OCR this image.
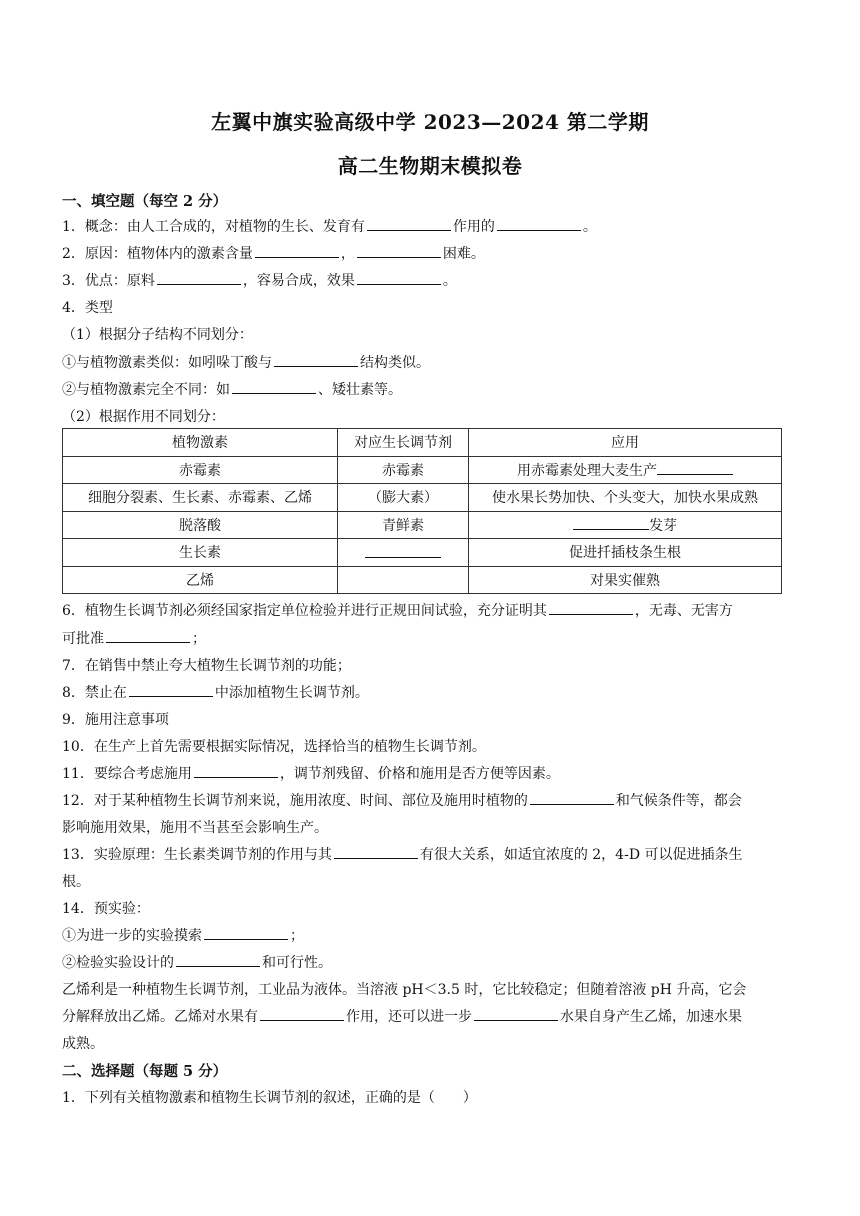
左翼中旗实验高级中学 2023—2024 第二学期
高二生物期末模拟卷
一、填空题（每空 2 分）
1．概念：由人工合成的，对植物的生长、发育有	作用的	。
2．原因：植物体内的激素含量	，	困难。
3．优点：原料	，容易合成，效果	。
4．类型
（1）根据分子结构不同划分：
①与植物激素类似：如吲哚丁酸与	结构类似。
②与植物激素完全不同：如	、矮壮素等。
（2）根据作用不同划分：
植物激素	对应生长调节剂	应用
赤霉素	赤霉素	用赤霉素处理大麦生产
细胞分裂素、生长素、赤霉素、乙烯	（膨大素）	使水果长势加快、个头变大，加快水果成熟
脱落酸	青鲜素	发芽
生长素		促进扦插枝条生根
乙烯		对果实催熟
6．植物生长调节剂必须经国家指定单位检验并进行正规田间试验，充分证明其	，无毒、无害方
可批准	；
7．在销售中禁止夸大植物生长调节剂的功能；
8．禁止在	中添加植物生长调节剂。
9．施用注意事项
10．在生产上首先需要根据实际情况，选择恰当的植物生长调节剂。
11．要综合考虑施用	，调节剂残留、价格和施用是否方便等因素。
12．对于某种植物生长调节剂来说，施用浓度、时间、部位及施用时植物的	和气候条件等，都会
影响施用效果，施用不当甚至会影响生产。
13．实验原理：生长素类调节剂的作用与其	有很大关系，如适宜浓度的 2，4-D 可以促进插条生
根。
14．预实验：
①为进一步的实验摸索	；
②检验实验设计的	和可行性。
乙烯利是一种植物生长调节剂，工业品为液体。当溶液 pH＜3.5 时，它比较稳定；但随着溶液 pH 升高，它会
分解释放出乙烯。乙烯对水果有	作用，还可以进一步	水果自身产生乙烯，加速水果
成熟。
二、选择题（每题 5 分）
1．下列有关植物激素和植物生长调节剂的叙述，正确的是（　　）
